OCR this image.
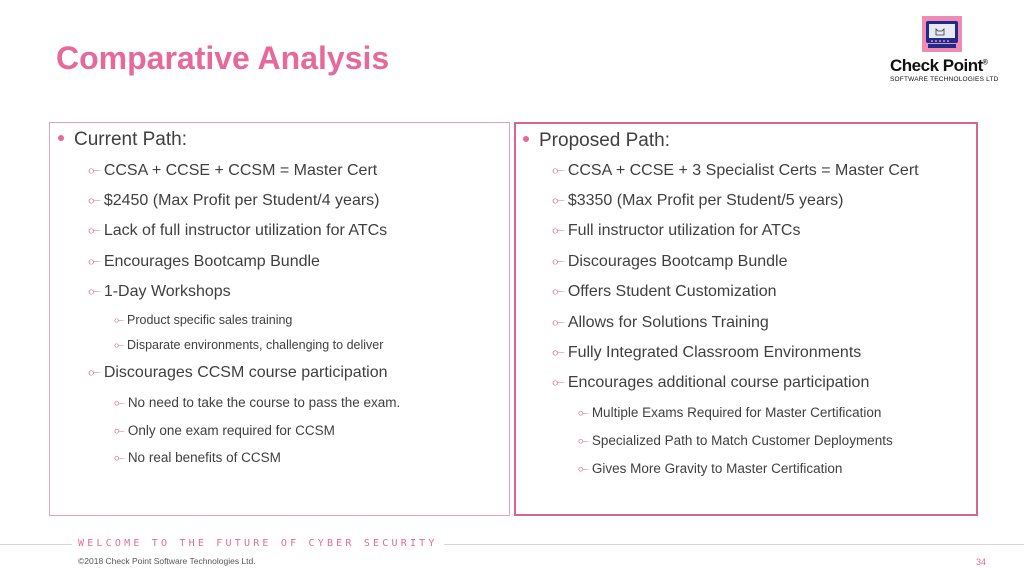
Comparative Analysis	Check Point®
SOFTWARE TECHNOLOGIES LTD
Current Path:
⟜ CCSA + CCSE + CCSM = Master Cert
⟜ $2450 (Max Profit per Student/4 years)
⟜ Lack of full instructor utilization for ATCs
⟜ Encourages Bootcamp Bundle
⟜ 1-Day Workshops
⟜ Product specific sales training
⟜ Disparate environments, challenging to deliver
⟜ Discourages CCSM course participation
⟜ No need to take the course to pass the exam.
⟜ Only one exam required for CCSM
⟜ No real benefits of CCSM
Proposed Path:
⟜ CCSA + CCSE + 3 Specialist Certs = Master Cert
⟜ $3350 (Max Profit per Student/5 years)
⟜ Full instructor utilization for ATCs
⟜ Discourages Bootcamp Bundle
⟜ Offers Student Customization
⟜ Allows for Solutions Training
⟜ Fully Integrated Classroom Environments
⟜ Encourages additional course participation
⟜ Multiple Exams Required for Master Certification
⟜ Specialized Path to Match Customer Deployments
⟜ Gives More Gravity to Master Certification
WELCOME TO THE FUTURE OF CYBER SECURITY
©2018 Check Point Software Technologies Ltd.	34
